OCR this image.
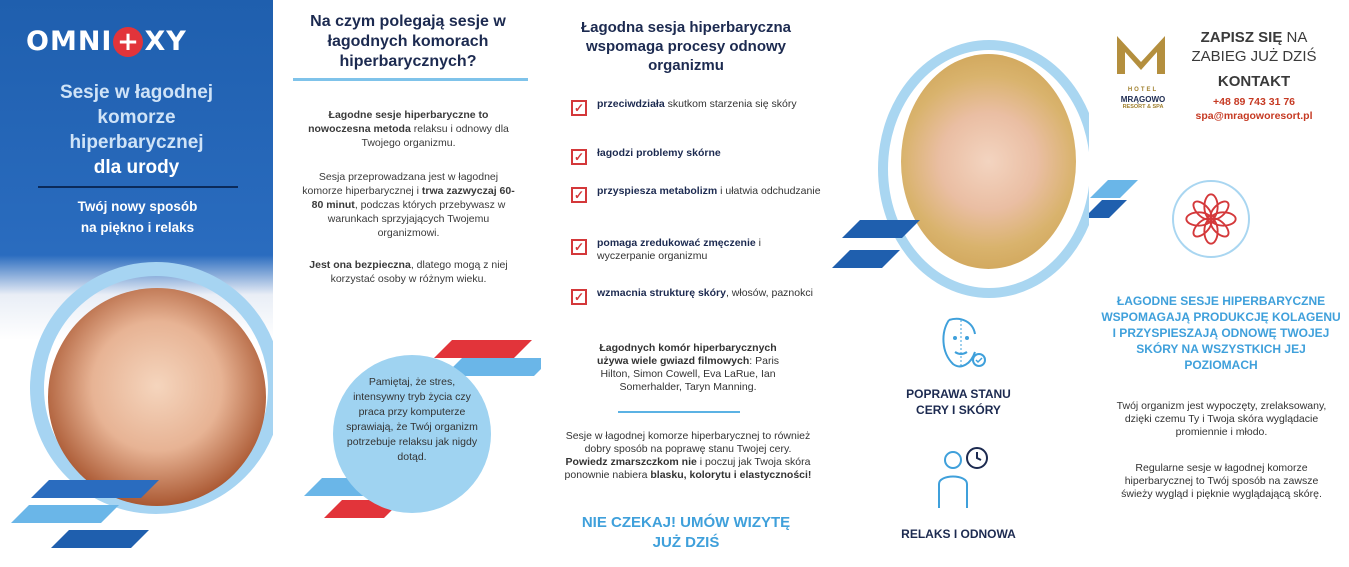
OMNI + XY
Sesje w łagodnej
komorze
hiperbarycznej
dla urody
Twój nowy sposób
na piękno i relaks
Na czym polegają sesje w łagodnych komorach hiperbarycznych?
Łagodne sesje hiperbaryczne to nowoczesna metoda relaksu i odnowy dla Twojego organizmu.
Sesja przeprowadzana jest w łagodnej komorze hiperbarycznej i trwa zazwyczaj 60-80 minut, podczas których przebywasz w warunkach sprzyjających Twojemu organizmowi.
Jest ona bezpieczna, dlatego mogą z niej korzystać osoby w różnym wieku.
Pamiętaj, że stres, intensywny tryb życia czy praca przy komputerze sprawiają, że Twój organizm potrzebuje relaksu jak nigdy dotąd.
Łagodna sesja hiperbaryczna wspomaga procesy odnowy organizmu
✓ przeciwdziała skutkom starzenia się skóry
✓ łagodzi problemy skórne
✓ przyspiesza metabolizm i ułatwia odchudzanie
✓ pomaga zredukować zmęczenie i wyczerpanie organizmu
✓ wzmacnia strukturę skóry, włosów, paznokci
Łagodnych komór hiperbarycznych używa wiele gwiazd filmowych: Paris Hilton, Simon Cowell, Eva LaRue, Ian Somerhalder, Taryn Manning.
Sesje w łagodnej komorze hiperbarycznej to również dobry sposób na poprawę stanu Twojej cery. Powiedz zmarszczkom nie i poczuj jak Twoja skóra ponownie nabiera blasku, kolorytu i elastyczności!
NIE CZEKAJ! UMÓW WIZYTĘ JUŻ DZIŚ
POPRAWA STANU
CERY I SKÓRY
RELAKS I ODNOWA
HOTEL
MRĄGOWO
RESORT & SPA
ZAPISZ SIĘ NA
ZABIEG JUŻ DZIŚ
KONTAKT
+48 89 743 31 76
spa@mragoworesort.pl
ŁAGODNE SESJE HIPERBARYCZNE WSPOMAGAJĄ PRODUKCJĘ KOLAGENU I PRZYSPIESZAJĄ ODNOWĘ TWOJEJ SKÓRY NA WSZYSTKICH JEJ POZIOMACH
Twój organizm jest wypoczęty, zrelaksowany, dzięki czemu Ty i Twoja skóra wyglądacie promiennie i młodo.
Regularne sesje w łagodnej komorze hiperbarycznej to Twój sposób na zawsze świeży wygląd i pięknie wyglądającą skórę.
